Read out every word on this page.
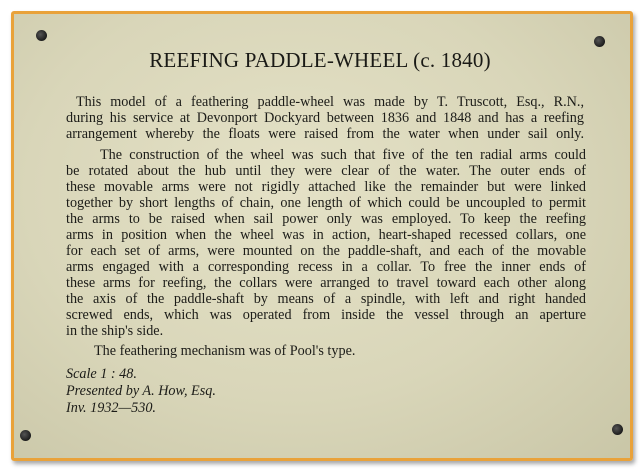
REEFING PADDLE-WHEEL (c. 1840)
This model of a feathering paddle-wheel was made by T. Truscott, Esq., R.N.,
during his service at Devonport Dockyard between 1836 and 1848 and has a reefing
arrangement whereby the floats were raised from the water when under sail only.
The construction of the wheel was such that five of the ten radial arms could
be rotated about the hub until they were clear of the water. The outer ends of
these movable arms were not rigidly attached like the remainder but were linked
together by short lengths of chain, one length of which could be uncoupled to permit
the arms to be raised when sail power only was employed. To keep the reefing
arms in position when the wheel was in action, heart-shaped recessed collars, one
for each set of arms, were mounted on the paddle-shaft, and each of the movable
arms engaged with a corresponding recess in a collar. To free the inner ends of
these arms for reefing, the collars were arranged to travel toward each other along
the axis of the paddle-shaft by means of a spindle, with left and right handed
screwed ends, which was operated from inside the vessel through an aperture
in the ship's side.
The feathering mechanism was of Pool's type.
Scale 1 : 48.
Presented by A. How, Esq.
Inv. 1932—530.
